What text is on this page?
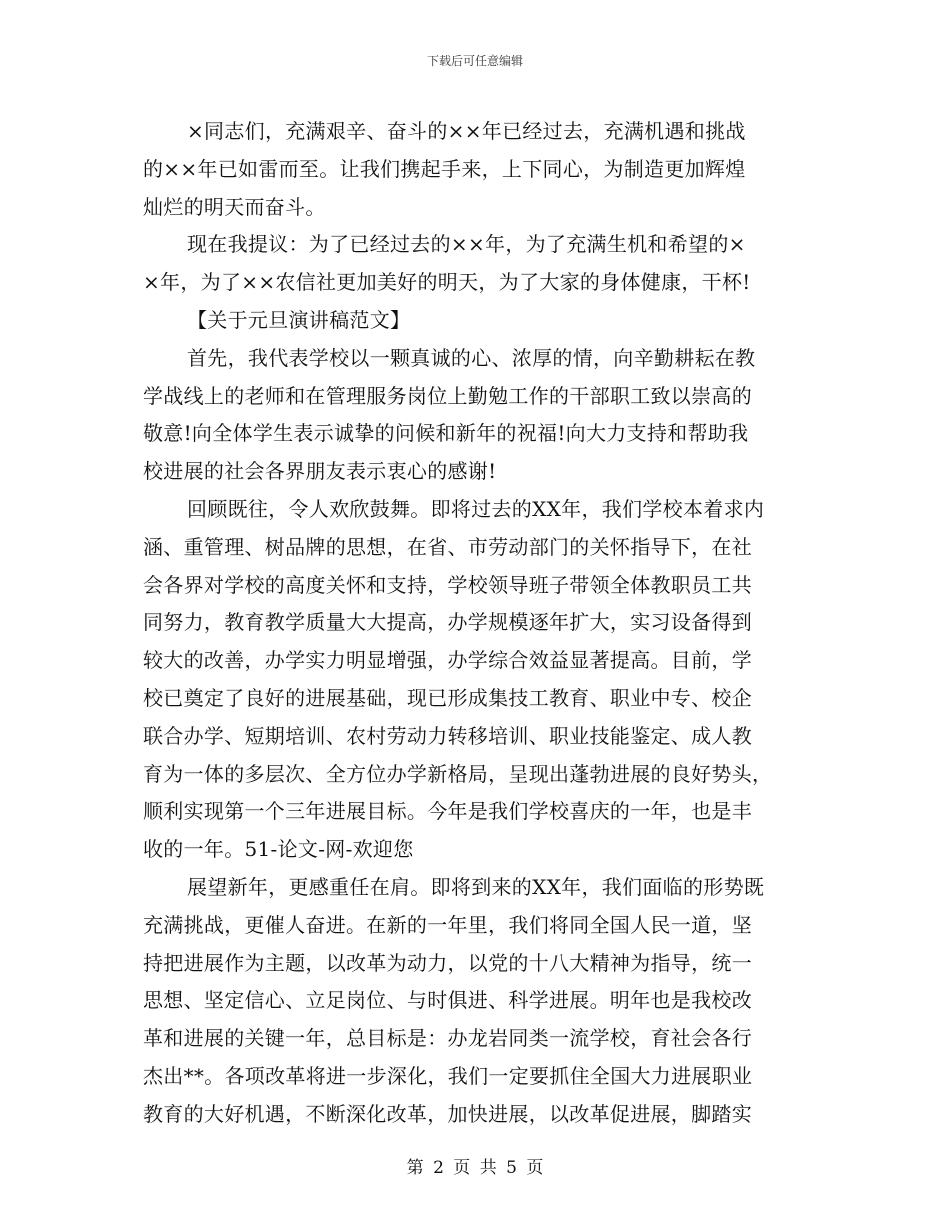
下载后可任意编辑
×同志们，充满艰辛、奋斗的××年已经过去，充满机遇和挑战
的××年已如雷而至。让我们携起手来，上下同心，为制造更加辉煌
灿烂的明天而奋斗。
现在我提议：为了已经过去的××年，为了充满生机和希望的×
×年，为了××农信社更加美好的明天，为了大家的身体健康，干杯!
【关于元旦演讲稿范文】
首先，我代表学校以一颗真诚的心、浓厚的情，向辛勤耕耘在教
学战线上的老师和在管理服务岗位上勤勉工作的干部职工致以崇高的
敬意!向全体学生表示诚挚的问候和新年的祝福!向大力支持和帮助我
校进展的社会各界朋友表示衷心的感谢!
回顾既往，令人欢欣鼓舞。即将过去的XX年，我们学校本着求内
涵、重管理、树品牌的思想，在省、市劳动部门的关怀指导下，在社
会各界对学校的高度关怀和支持，学校领导班子带领全体教职员工共
同努力，教育教学质量大大提高，办学规模逐年扩大，实习设备得到
较大的改善，办学实力明显增强，办学综合效益显著提高。目前，学
校已奠定了良好的进展基础，现已形成集技工教育、职业中专、校企
联合办学、短期培训、农村劳动力转移培训、职业技能鉴定、成人教
育为一体的多层次、全方位办学新格局，呈现出蓬勃进展的良好势头，
顺利实现第一个三年进展目标。今年是我们学校喜庆的一年，也是丰
收的一年。51-论文-网-欢迎您
展望新年，更感重任在肩。即将到来的XX年，我们面临的形势既
充满挑战，更催人奋进。在新的一年里，我们将同全国人民一道，坚
持把进展作为主题，以改革为动力，以党的十八大精神为指导，统一
思想、坚定信心、立足岗位、与时俱进、科学进展。明年也是我校改
革和进展的关键一年，总目标是：办龙岩同类一流学校，育社会各行
杰出**。各项改革将进一步深化，我们一定要抓住全国大力进展职业
教育的大好机遇，不断深化改革，加快进展，以改革促进展，脚踏实
第 2 页 共 5 页
